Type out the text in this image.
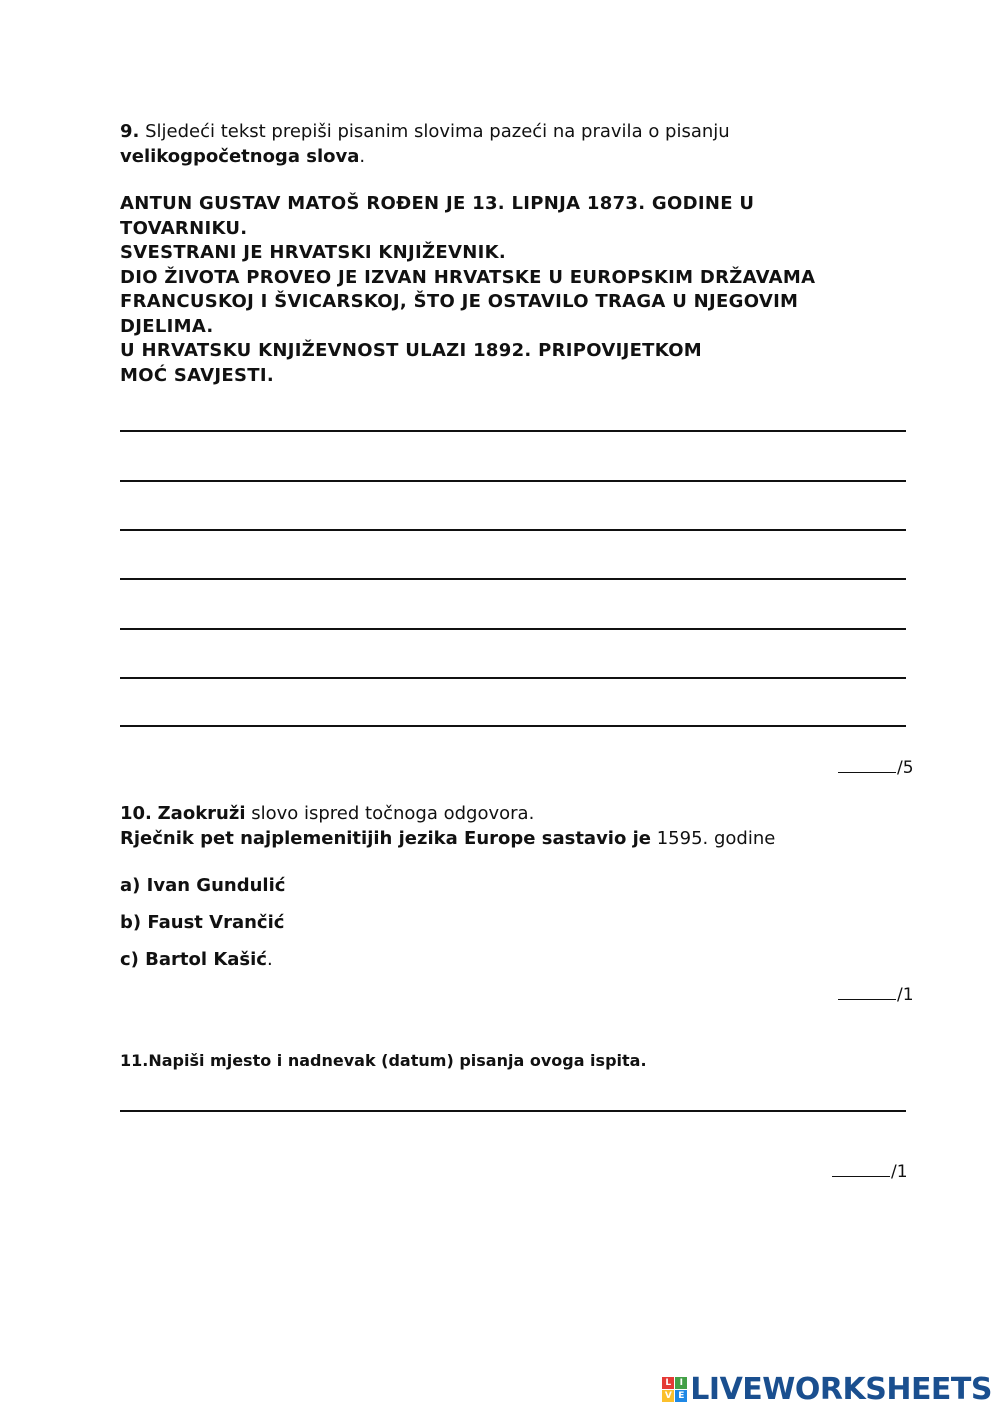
9. Sljedeći tekst prepiši pisanim slovima pazeći na pravila o pisanju
velikogpočetnoga slova.
ANTUN GUSTAV MATOŠ ROĐEN JE 13. LIPNJA 1873. GODINE U
TOVARNIKU.
SVESTRANI JE HRVATSKI KNJIŽEVNIK.
DIO ŽIVOTA PROVEO JE IZVAN HRVATSKE U EUROPSKIM DRŽAVAMA
FRANCUSKOJ I ŠVICARSKOJ, ŠTO JE OSTAVILO TRAGA U NJEGOVIM
DJELIMA.
U HRVATSKU KNJIŽEVNOST ULAZI 1892. PRIPOVIJETKOM
MOĆ SAVJESTI.
/5
10. Zaokruži slovo ispred točnoga odgovora.
Rječnik pet najplemenitijih jezika Europe sastavio je 1595. godine
a) Ivan Gundulić
b) Faust Vrančić
c) Bartol Kašić.
/1
11.Napiši mjesto i nadnevak (datum) pisanja ovoga ispita.
/1
L I
V E LIVEWORKSHEETS
